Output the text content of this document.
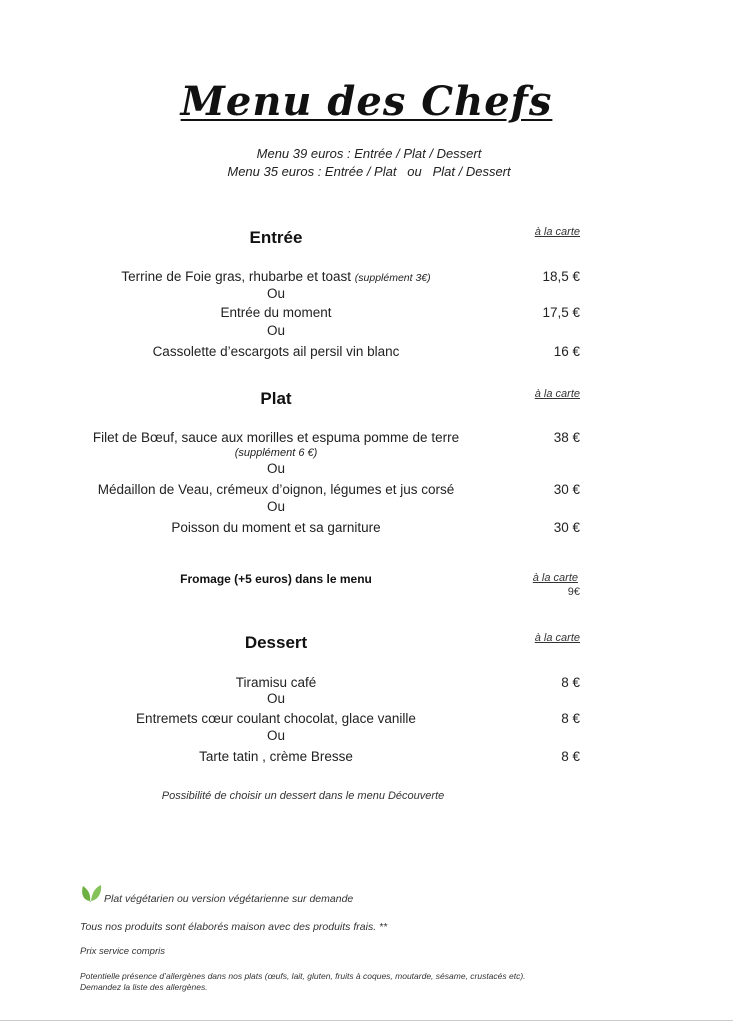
Menu des Chefs
Menu 39 euros : Entrée / Plat / Dessert
Menu 35 euros : Entrée / Plat   ou   Plat / Dessert
Entrée	à la carte
Terrine de Foie gras, rhubarbe et toast (supplément 3€)	18,5 €
Ou
Entrée du moment	17,5 €
Ou
Cassolette d’escargots ail persil vin blanc	16 €
Plat	à la carte
Filet de Bœuf, sauce aux morilles et espuma pomme de terre	38 €
(supplément 6 €)
Ou
Médaillon de Veau, crémeux d’oignon, légumes et jus corsé	30 €
Ou
Poisson du moment et sa garniture	30 €
Fromage (+5 euros) dans le menu	à la carte
9€
Dessert	à la carte
Tiramisu café	8 €
Ou
Entremets cœur coulant chocolat, glace vanille	8 €
Ou
Tarte tatin , crème Bresse	8 €
Possibilité de choisir un dessert dans le menu Découverte
Plat végétarien ou version végétarienne sur demande
Tous nos produits sont élaborés maison avec des produits frais. **
Prix service compris
Potentielle présence d’allergènes dans nos plats (œufs, lait, gluten, fruits à coques, moutarde, sésame, crustacés etc).
Demandez la liste des allergènes.
